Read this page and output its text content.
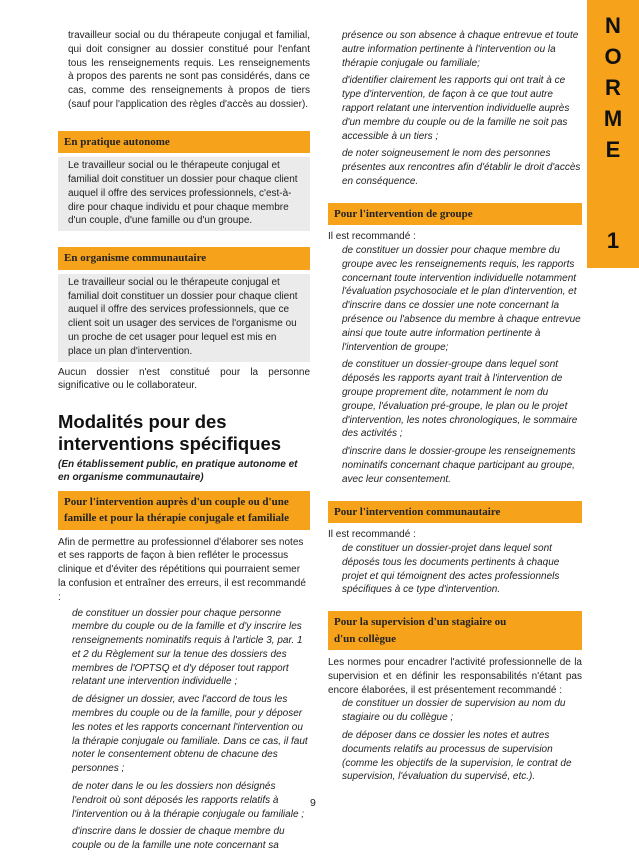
N
O
R
M
E
1

travailleur social ou du thérapeute conjugal et familial, qui doit consigner au dossier constitué pour l'enfant tous les renseignements requis. Les renseignements à propos des parents ne sont pas considérés, dans ce cas, comme des renseignements à propos de tiers (sauf pour l'application des règles d'accès au dossier).

En pratique autonome

Le travailleur social ou le thérapeute conjugal et familial doit constituer un dossier pour chaque client auquel il offre des services professionnels, c'est-à-dire pour chaque individu et pour chaque membre d'un couple, d'une famille ou d'un groupe.

En organisme communautaire

Le travailleur social ou le thérapeute conjugal et familial doit constituer un dossier pour chaque client auquel il offre des services professionnels, que ce client soit un usager des services de l'organisme ou un proche de cet usager pour lequel est mis en place un plan d'intervention.

Aucun dossier n'est constitué pour la personne significative ou le collaborateur.

Modalités pour des interventions spécifiques
(En établissement public, en pratique autonome et en organisme communautaire)
Pour l'intervention auprès d'un couple ou d'une
famille et pour la thérapie conjugale et familiale

Afin de permettre au professionnel d'élaborer ses notes et ses rapports de façon à bien refléter le processus clinique et d'éviter des répétitions qui pourraient semer la confusion et entraîner des erreurs, il est recommandé :

de constituer un dossier pour chaque personne membre du couple ou de la famille et d'y inscrire les renseignements nominatifs requis à l'article 3, par. 1 et 2 du Règlement sur la tenue des dossiers des membres de l'OPTSQ et d'y déposer tout rapport relatant une intervention individuelle ;
de désigner un dossier, avec l'accord de tous les membres du couple ou de la famille, pour y déposer les notes et les rapports concernant l'intervention ou la thérapie conjugale ou familiale. Dans ce cas, il faut noter le consentement obtenu de chacune des personnes ;
de noter dans le ou les dossiers non désignés l'endroit où sont déposés les rapports relatifs à l'intervention ou à la thérapie conjugale ou familiale ;
d'inscrire dans le dossier de chaque membre du couple ou de la famille une note concernant sa
présence ou son absence à chaque entrevue et toute autre information pertinente à l'intervention ou la thérapie conjugale ou familiale;
d'identifier clairement les rapports qui ont trait à ce type d'intervention, de façon à ce que tout autre rapport relatant une intervention individuelle auprès d'un membre du couple ou de la famille ne soit pas accessible à un tiers ;
de noter soigneusement le nom des personnes présentes aux rencontres afin d'établir le droit d'accès en conséquence.
Pour l'intervention de groupe

Il est recommandé :

de constituer un dossier pour chaque membre du groupe avec les renseignements requis, les rapports concernant toute intervention individuelle notamment l'évaluation psychosociale et le plan d'intervention, et d'inscrire dans ce dossier une note concernant la présence ou l'absence du membre à chaque entrevue ainsi que toute autre information pertinente à l'intervention de groupe;
de constituer un dossier-groupe dans lequel sont déposés les rapports ayant trait à l'intervention de groupe proprement dite, notamment le nom du groupe, l'évaluation pré-groupe, le plan ou le projet d'intervention, les notes chronologiques, le sommaire des activités ;
d'inscrire dans le dossier-groupe les renseignements nominatifs concernant chaque participant au groupe, avec leur consentement.
Pour l'intervention communautaire

Il est recommandé :

de constituer un dossier-projet dans lequel sont déposés tous les documents pertinents à chaque projet et qui témoignent des actes professionnels spécifiques à ce type d'intervention.
Pour la supervision d'un stagiaire ou
d'un collègue

Les normes pour encadrer l'activité professionnelle de la supervision et en définir les responsabilités n'étant pas encore élaborées, il est présentement recommandé :

de constituer un dossier de supervision au nom du stagiaire ou du collègue ;
de déposer dans ce dossier les notes et autres documents relatifs au processus de supervision (comme les objectifs de la supervision, le contrat de supervision, l'évaluation du supervisé, etc.).
9
